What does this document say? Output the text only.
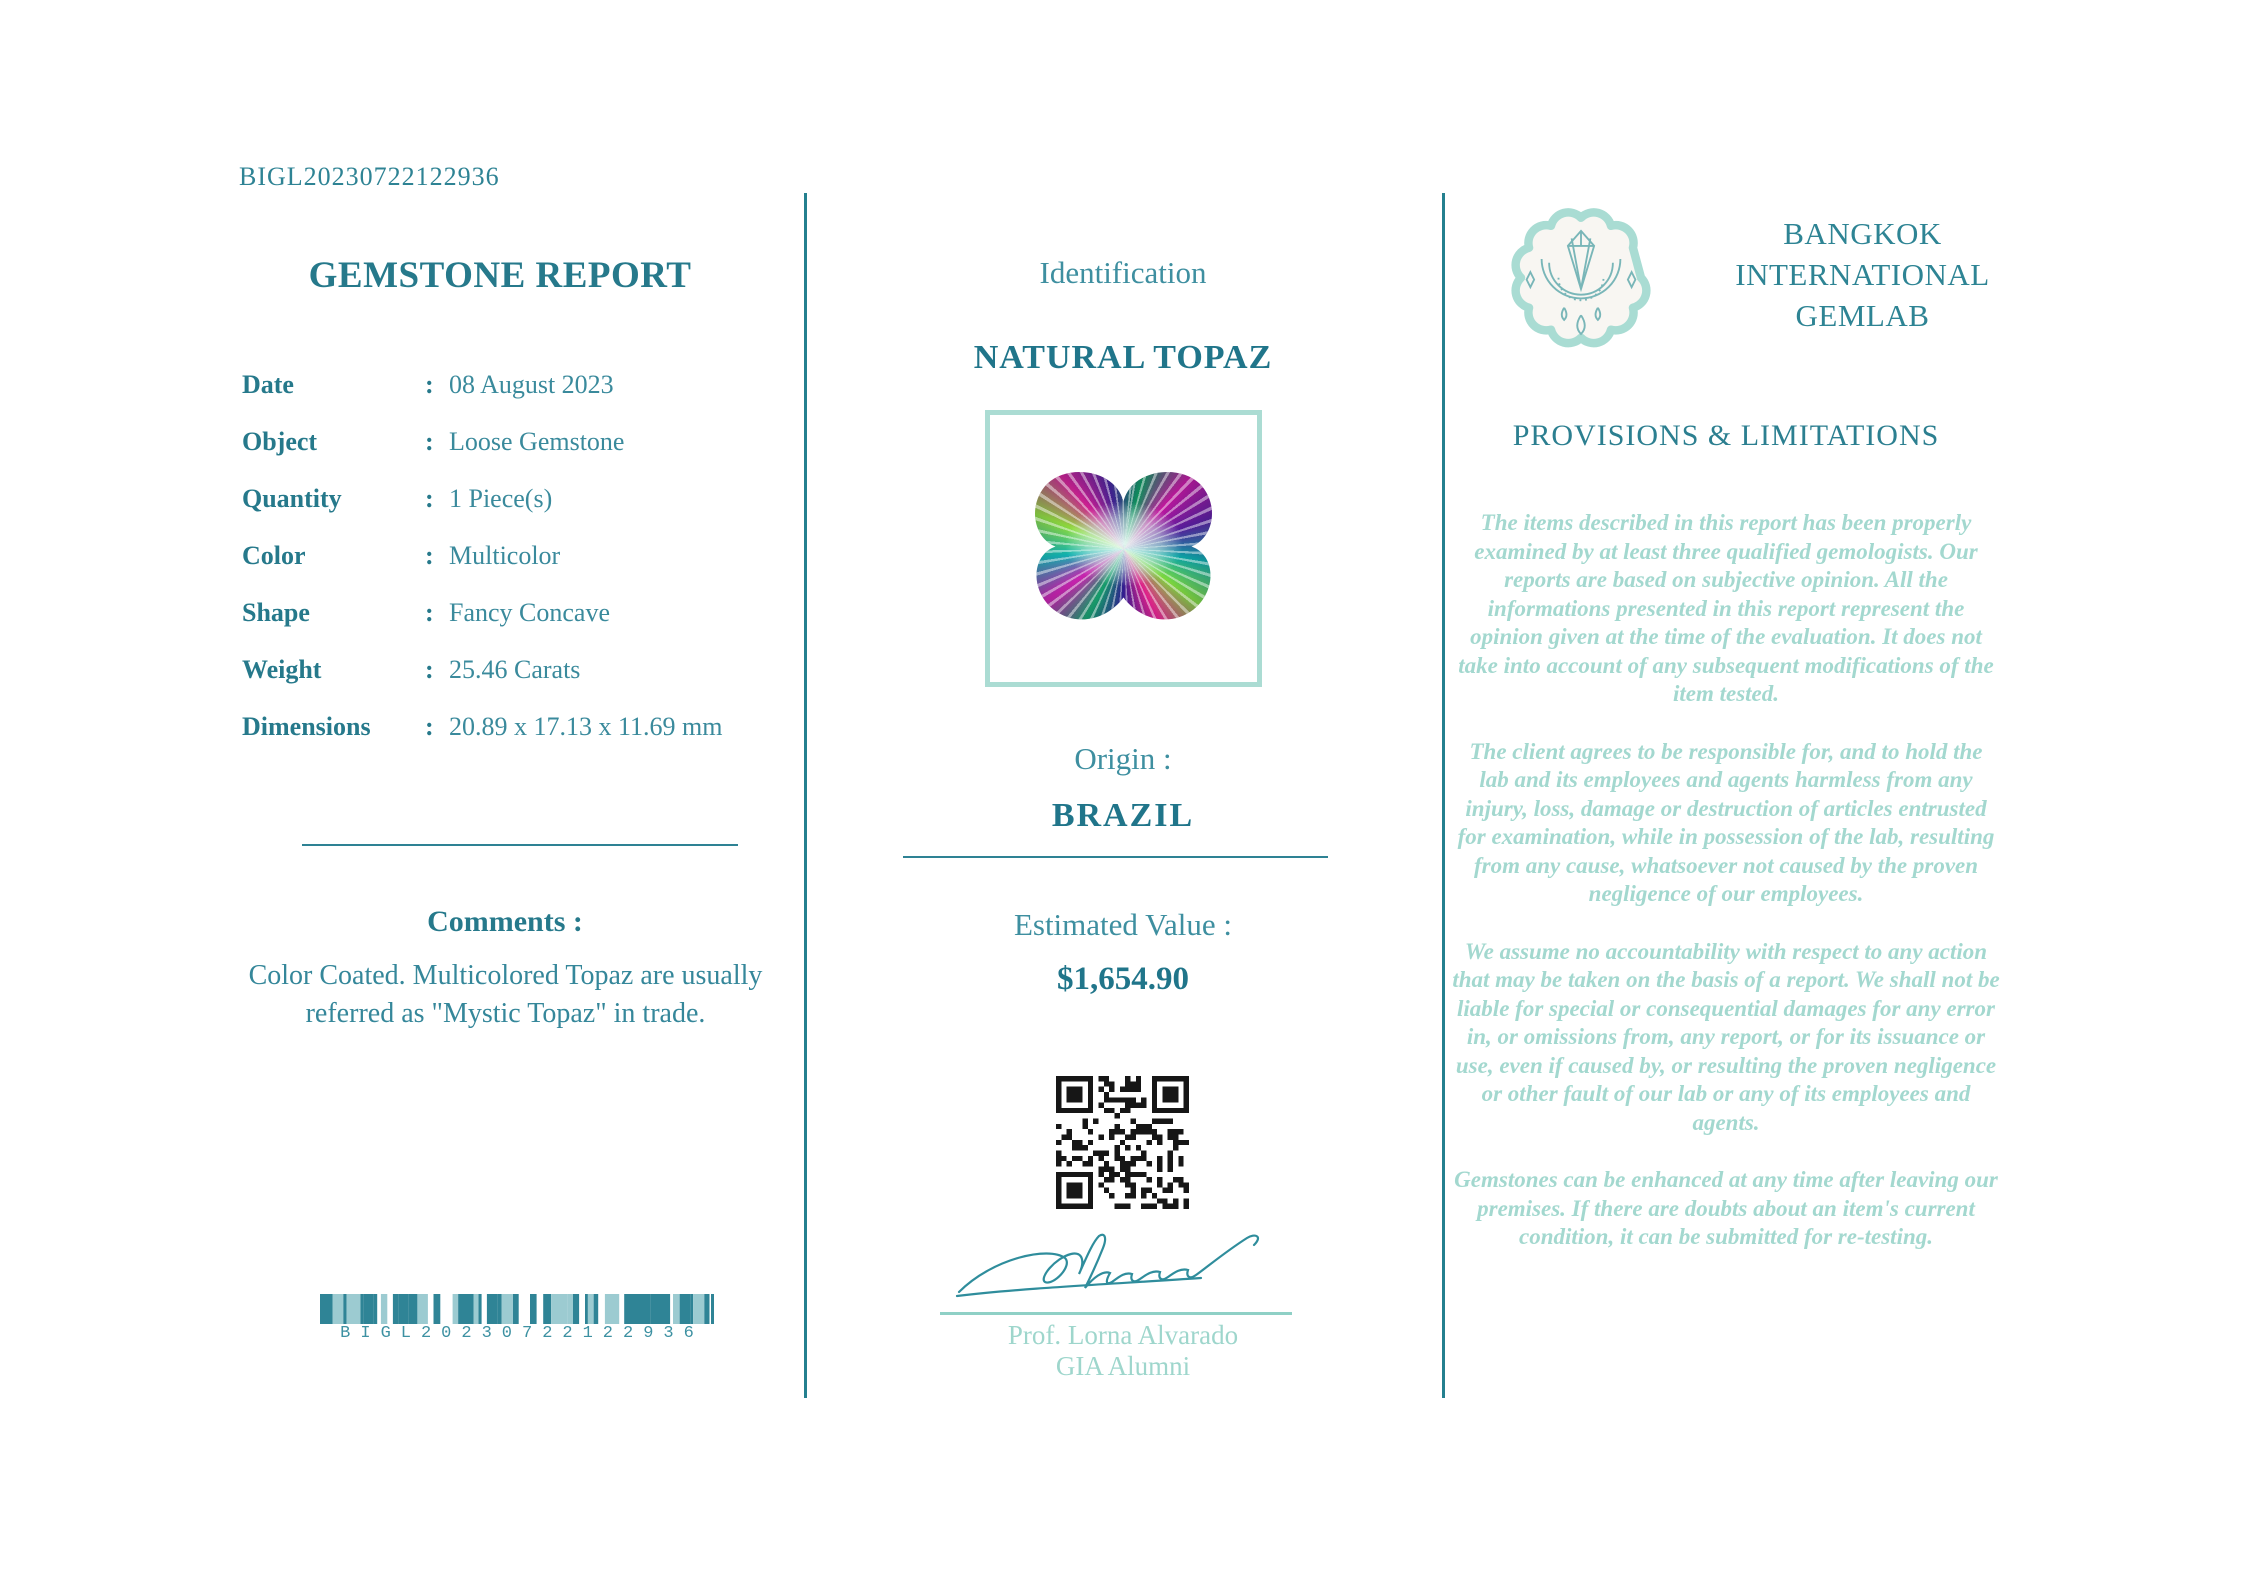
BIGL20230722122936
GEMSTONE REPORT
Date	: 08 August 2023
Object	: Loose Gemstone
Quantity	: 1 Piece(s)
Color	: Multicolor
Shape	: Fancy Concave
Weight	: 25.46 Carats
Dimensions	: 20.89 x 17.13 x 11.69 mm
Comments :
Color Coated. Multicolored Topaz are usually referred as "Mystic Topaz" in trade.
BIGL20230722122936
Identification
NATURAL TOPAZ
Origin :
BRAZIL
Estimated Value :
$1,654.90
Prof. Lorna Alvarado
GIA Alumni
BANGKOK
INTERNATIONAL
GEMLAB
PROVISIONS & LIMITATIONS

The items described in this report has been properly examined by at least three qualified gemologists. Our reports are based on subjective opinion. All the informations presented in this report represent the opinion given at the time of the evaluation. It does not take into account of any subsequent modifications of the item tested.

The client agrees to be responsible for, and to hold the lab and its employees and agents harmless from any injury, loss, damage or destruction of articles entrusted for examination, while in possession of the lab, resulting from any cause, whatsoever not caused by the proven negligence of our employees.

We assume no accountability with respect to any action that may be taken on the basis of a report. We shall not be liable for special or consequential damages for any error in, or omissions from, any report, or for its issuance or use, even if caused by, or resulting the proven negligence or other fault of our lab or any of its employees and agents.

Gemstones can be enhanced at any time after leaving our premises. If there are doubts about an item's current condition, it can be submitted for re-testing.
